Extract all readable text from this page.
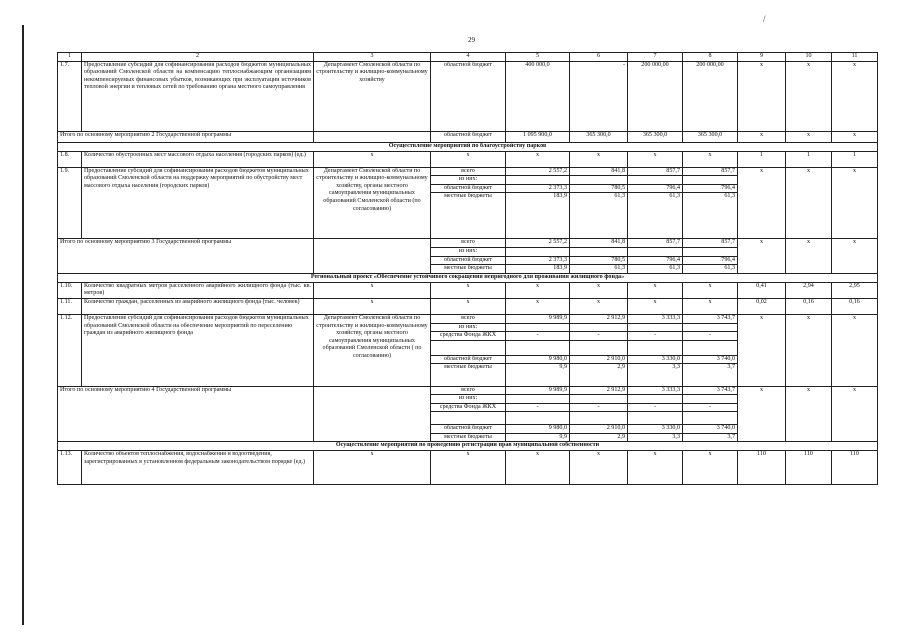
/
29
1	2	3	4	5	6	7	8	9	10	11
1.7.	Предоставление субсидий для софинансирования расходов бюджетов муниципальных образований Смоленской области на компенсацию теплоснабжающим организациям некомпенсируемых финансовых убытков, возникающих при эксплуатации источников тепловой энергии и тепловых сетей по требованию органа местного самоуправления	Департамент Смоленской области по строительству и жилищно-коммунальному хозяйству	областной бюджет	400 000,0	-	200 000,00	200 000,00	x	x	x
Итого по основному мероприятию 2 Государственной программы			областной бюджет	1 095 900,0	365 300,0	365 300,0	365 300,0	x	x	x
Осуществление мероприятий по благоустройству парков										
1.8.	Количество обустроенных мест массового отдыха населения (городских парков) (ед.)	x	x	x	x	x	x	1	1	1
1.9.	Предоставление субсидий для софинансирования расходов бюджетов муниципальных образований Смоленской области на поддержку мероприятий по обустройству мест массового отдыха населения (городских парков)	Департамент Смоленской области по строительству и жилищно-коммунальному хозяйству, органы местного самоуправления муниципальных образований Смоленской области (по согласованию)	всего	2 557,2	841,8	857,7	857,7	x	x	x
			из них:							
			областной бюджет	2 373,3	780,5	796,4	796,4			
			местные бюджеты	183,9	61,3	61,3	61,3			

Итого по основному мероприятию 3 Государственной программы			всего	2 557,2	841,8	857,7	857,7	x	x	x
			из них:							
			областной бюджет	2 373,3	780,5	796,4	796,4			
			местные бюджеты	183,9	61,3	61,3	61,3			
Региональный проект «Обеспечение устойчивого сокращения непригодного для проживания жилищного фонда»										
1.10.	Количество квадратных метров расселенного аварийного жилищного фонда (тыс. кв. метров)	x	x	x	x	x	x	0,41	2,94	2,95
1.11.	Количество граждан, расселенных из аварийного жилищного фонда (тыс. человек)	x	x	x	x	x	x	0,02	0,16	0,16
1.12.	Предоставление субсидий для софинансирования расходов бюджетов муниципальных образований Смоленской области на обеспечение мероприятий по переселению граждан из аварийного жилищного фонда	Департамент Смоленской области по строительству и жилищно-коммунальному хозяйству, органы местного самоуправления муниципальных образований Смоленской области ( по согласованию)	всего	9 989,9	2 912,9	3 333,3	3 743,7	x	x	x
			из них:							
			средства Фонда ЖКХ	-	-	-	-			

			областной бюджет	9 980,0	2 910,0	3 330,0	3 740,0			
			местные бюджеты	9,9	2,9	3,3	3,7			

Итого по основному мероприятию 4 Государственной программы			всего	9 989,9	2 912,9	3 333,3	3 743,7	x	x	x
			из них:							
			средства Фонда ЖКХ	-	-	-	-			

			областной бюджет	9 980,0	2 910,0	3 330,0	3 740,0			
			местные бюджеты	9,9	2,9	3,3	3,7			
Осуществление мероприятий по проведению регистрации прав муниципальной собственности										
1.13.	Количество объектов теплоснабжения, водоснабжения и водоотведения, зарегистрированных в установленном федеральным законодательством порядке (ед.)	x	x	x	x	x	x	110	110	110
